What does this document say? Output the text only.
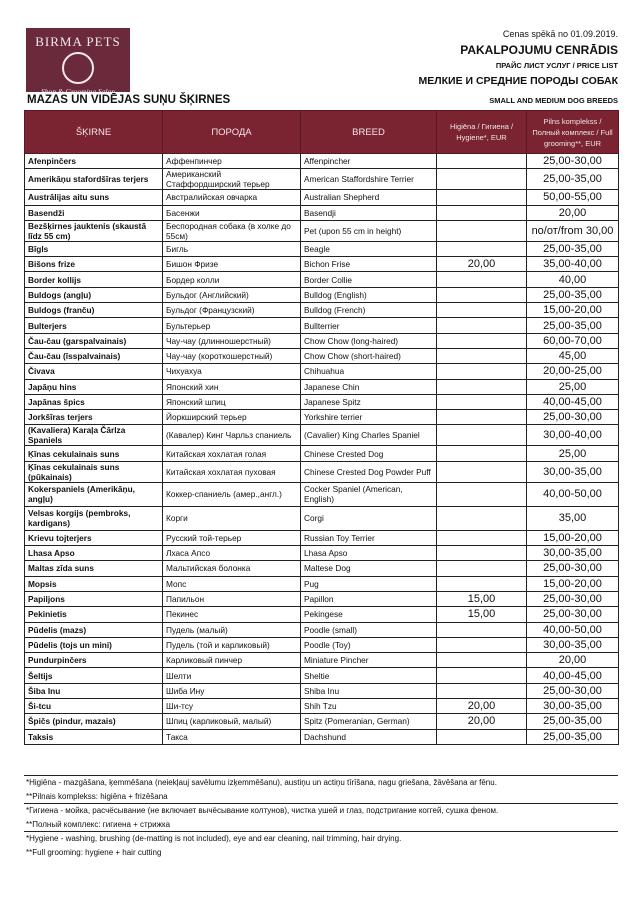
BIRMA PETS
Shop & Grooming Salon
Cenas spēkā no 01.09.2019.
PAKALPOJUMU CENRĀDIS
ПРАЙС ЛИСТ УСЛУГ / PRICE LIST
МЕЛКИЕ И СРЕДНИЕ ПОРОДЫ СОБАК
SMALL AND MEDIUM DOG BREEDS
MAZAS UN VIDĒJAS SUŅU ŠĶIRNES
ŠĶIRNE	ПОРОДА	BREED	Higiēna / Гигиена / Hygiene*, EUR	Pilns komplekss / Полный комплекс / Full grooming**, EUR
Afenpinčers	Аффенпинчер	Affenpincher		25,00-30,00
Amerikāņu stafordšīras terjers	Американский Стаффордширский терьер	American Staffordshire Terrier		25,00-35,00
Austrālijas aitu suns	Австралийская овчарка	Australian Shepherd		50,00-55,00
Basendži	Басенжи	Basendji		20,00
Bezšķirnes jauktenis (skaustā līdz 55 cm)	Беспородная собака (в холке до 55см)	Pet (upon 55 cm in height)		no/от/from 30,00
Bīgls	Бигль	Beagle		25,00-35,00
Bišons frize	Бишон Фризе	Bichon Frise	20,00	35,00-40,00
Border kollijs	Бордер колли	Border Collie		40,00
Buldogs (angļu)	Бульдог (Английский)	Bulldog (English)		25,00-35,00
Buldogs (franču)	Бульдог (Французский)	Bulldog (French)		15,00-20,00
Bulterjers	Бультерьер	Bullterrier		25,00-35,00
Čau-čau (garspalvainais)	Чау-чау (длинношерстный)	Chow Chow (long-haired)		60,00-70,00
Čau-čau (īsspalvainais)	Чау-чау (короткошерстный)	Chow Chow (short-haired)		45,00
Čivava	Чихуахуа	Chihuahua		20,00-25,00
Japāņu hins	Японский хин	Japanese Chin		25,00
Japānas špics	Японский шпиц	Japanese Spitz		40,00-45,00
Jorkšīras terjers	Йоркширский терьер	Yorkshire terrier		25,00-30,00
(Kavaliera) Karaļa Čārlza Spaniels	(Кавалер) Кинг Чарльз спаниель	(Cavalier) King Charles Spaniel		30,00-40,00
Ķīnas cekulainais suns	Китайская хохлатая голая	Chinese Crested Dog		25,00
Ķīnas cekulainais suns (pūkainais)	Китайская хохлатая пуховая	Chinese Crested Dog Powder Puff		30,00-35,00
Kokerspaniels (Amerikāņu, angļu)	Коккер-спаниель (амер.,англ.)	Cocker Spaniel (American, English)		40,00-50,00
Velsas korgijs (pembroks, kardigans)	Корги	Corgi		35,00
Krievu tojterjers	Русский той-терьер	Russian Toy Terrier		15,00-20,00
Lhasa Apso	Лхаса Апсо	Lhasa Apso		30,00-35,00
Maltas zīda suns	Мальтийская болонка	Maltese Dog		25,00-30,00
Mopsis	Мопс	Pug		15,00-20,00
Papiljons	Папильон	Papillon	15,00	25,00-30,00
Pekinietis	Пекинес	Pekingese	15,00	25,00-30,00
Pūdelis (mazs)	Пудель (малый)	Poodle (small)		40,00-50,00
Pūdelis (tojs un mini)	Пудель (той и карликовый)	Poodle (Toy)		30,00-35,00
Pundurpinčers	Карликовый пинчер	Miniature Pincher		20,00
Šeltijs	Шелти	Sheltie		40,00-45,00
Šiba Inu	Шиба Ину	Shiba Inu		25,00-30,00
Ši-tcu	Ши-тсу	Shih Tzu	20,00	30,00-35,00
Špičs (pindur, mazais)	Шпиц (карликовый, малый)	Spitz (Pomeranian, German)	20,00	25,00-35,00
Taksis	Такса	Dachshund		25,00-35,00
*Higiēna - mazgāšana, ķemmēšana (neiekļauj savēlumu izķemmēšanu), austiņu un actiņu tīrīšana, nagu griešana, žāvēšana ar fēnu.
**Pilnais komplekss: higiēna + frizēšana
*Гигиена - мойка, расчёсывание (не включает вычёсывание колтунов), чистка ушей и глаз, подстригание коггей, сушка феном.
**Полный комплекс: гигиена + стрижка
*Hygiene - washing, brushing (de-matting is not included), eye and ear cleaning, nail trimming, hair drying.
**Full grooming: hygiene + hair cutting
